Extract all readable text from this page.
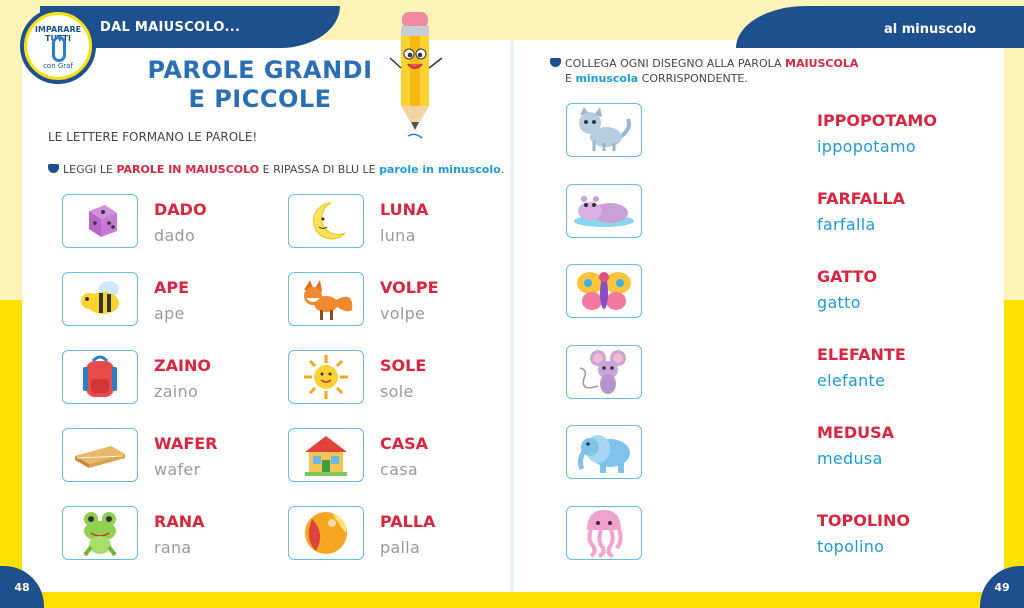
DAL MAIUSCOLO...	al minuscolo
IMPARARE TUTTI
con Graf	PAROLE GRANDI
E PICCOLE
LE LETTERE FORMANO LE PAROLE!
LEGGI LE PAROLE IN MAIUSCOLO E RIPASSA DI BLU LE parole in minuscolo.
DADO
dado
LUNA
luna
APE
ape
VOLPE
volpe
ZAINO
zaino
SOLE
sole
WAFER
wafer
CASA
casa
RANA
rana
PALLA
palla
COLLEGA OGNI DISEGNO ALLA PAROLA MAIUSCOLA
E minuscola CORRISPONDENTE.
IPPOPOTAMO
ippopotamo
FARFALLA
farfalla
GATTO
gatto
ELEFANTE
elefante
MEDUSA
medusa
TOPOLINO
topolino
48	49
